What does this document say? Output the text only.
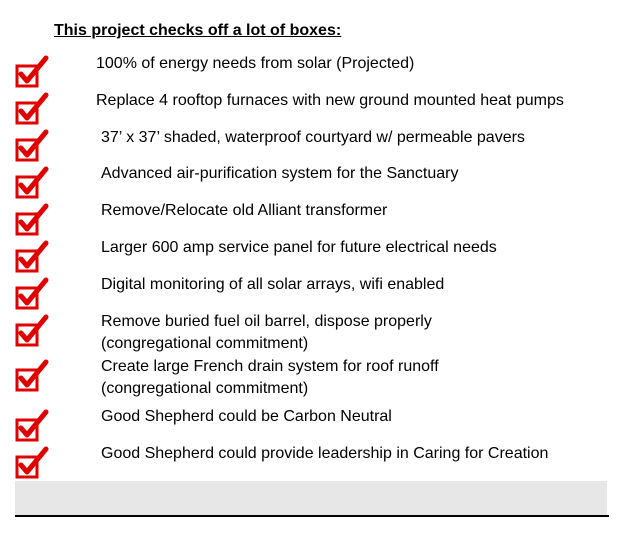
This project checks off a lot of boxes:
100% of energy needs from solar (Projected)
Replace 4 rooftop furnaces with new ground mounted heat pumps
37’ x 37’ shaded, waterproof courtyard w/ permeable pavers
Advanced air-purification system for the Sanctuary
Remove/Relocate old Alliant transformer
Larger 600 amp service panel for future electrical needs
Digital monitoring of all solar arrays, wifi enabled
Remove buried fuel oil barrel, dispose properly
(congregational commitment)
Create large French drain system for roof runoff
(congregational commitment)
Good Shepherd could be Carbon Neutral
Good Shepherd could provide leadership in Caring for Creation
